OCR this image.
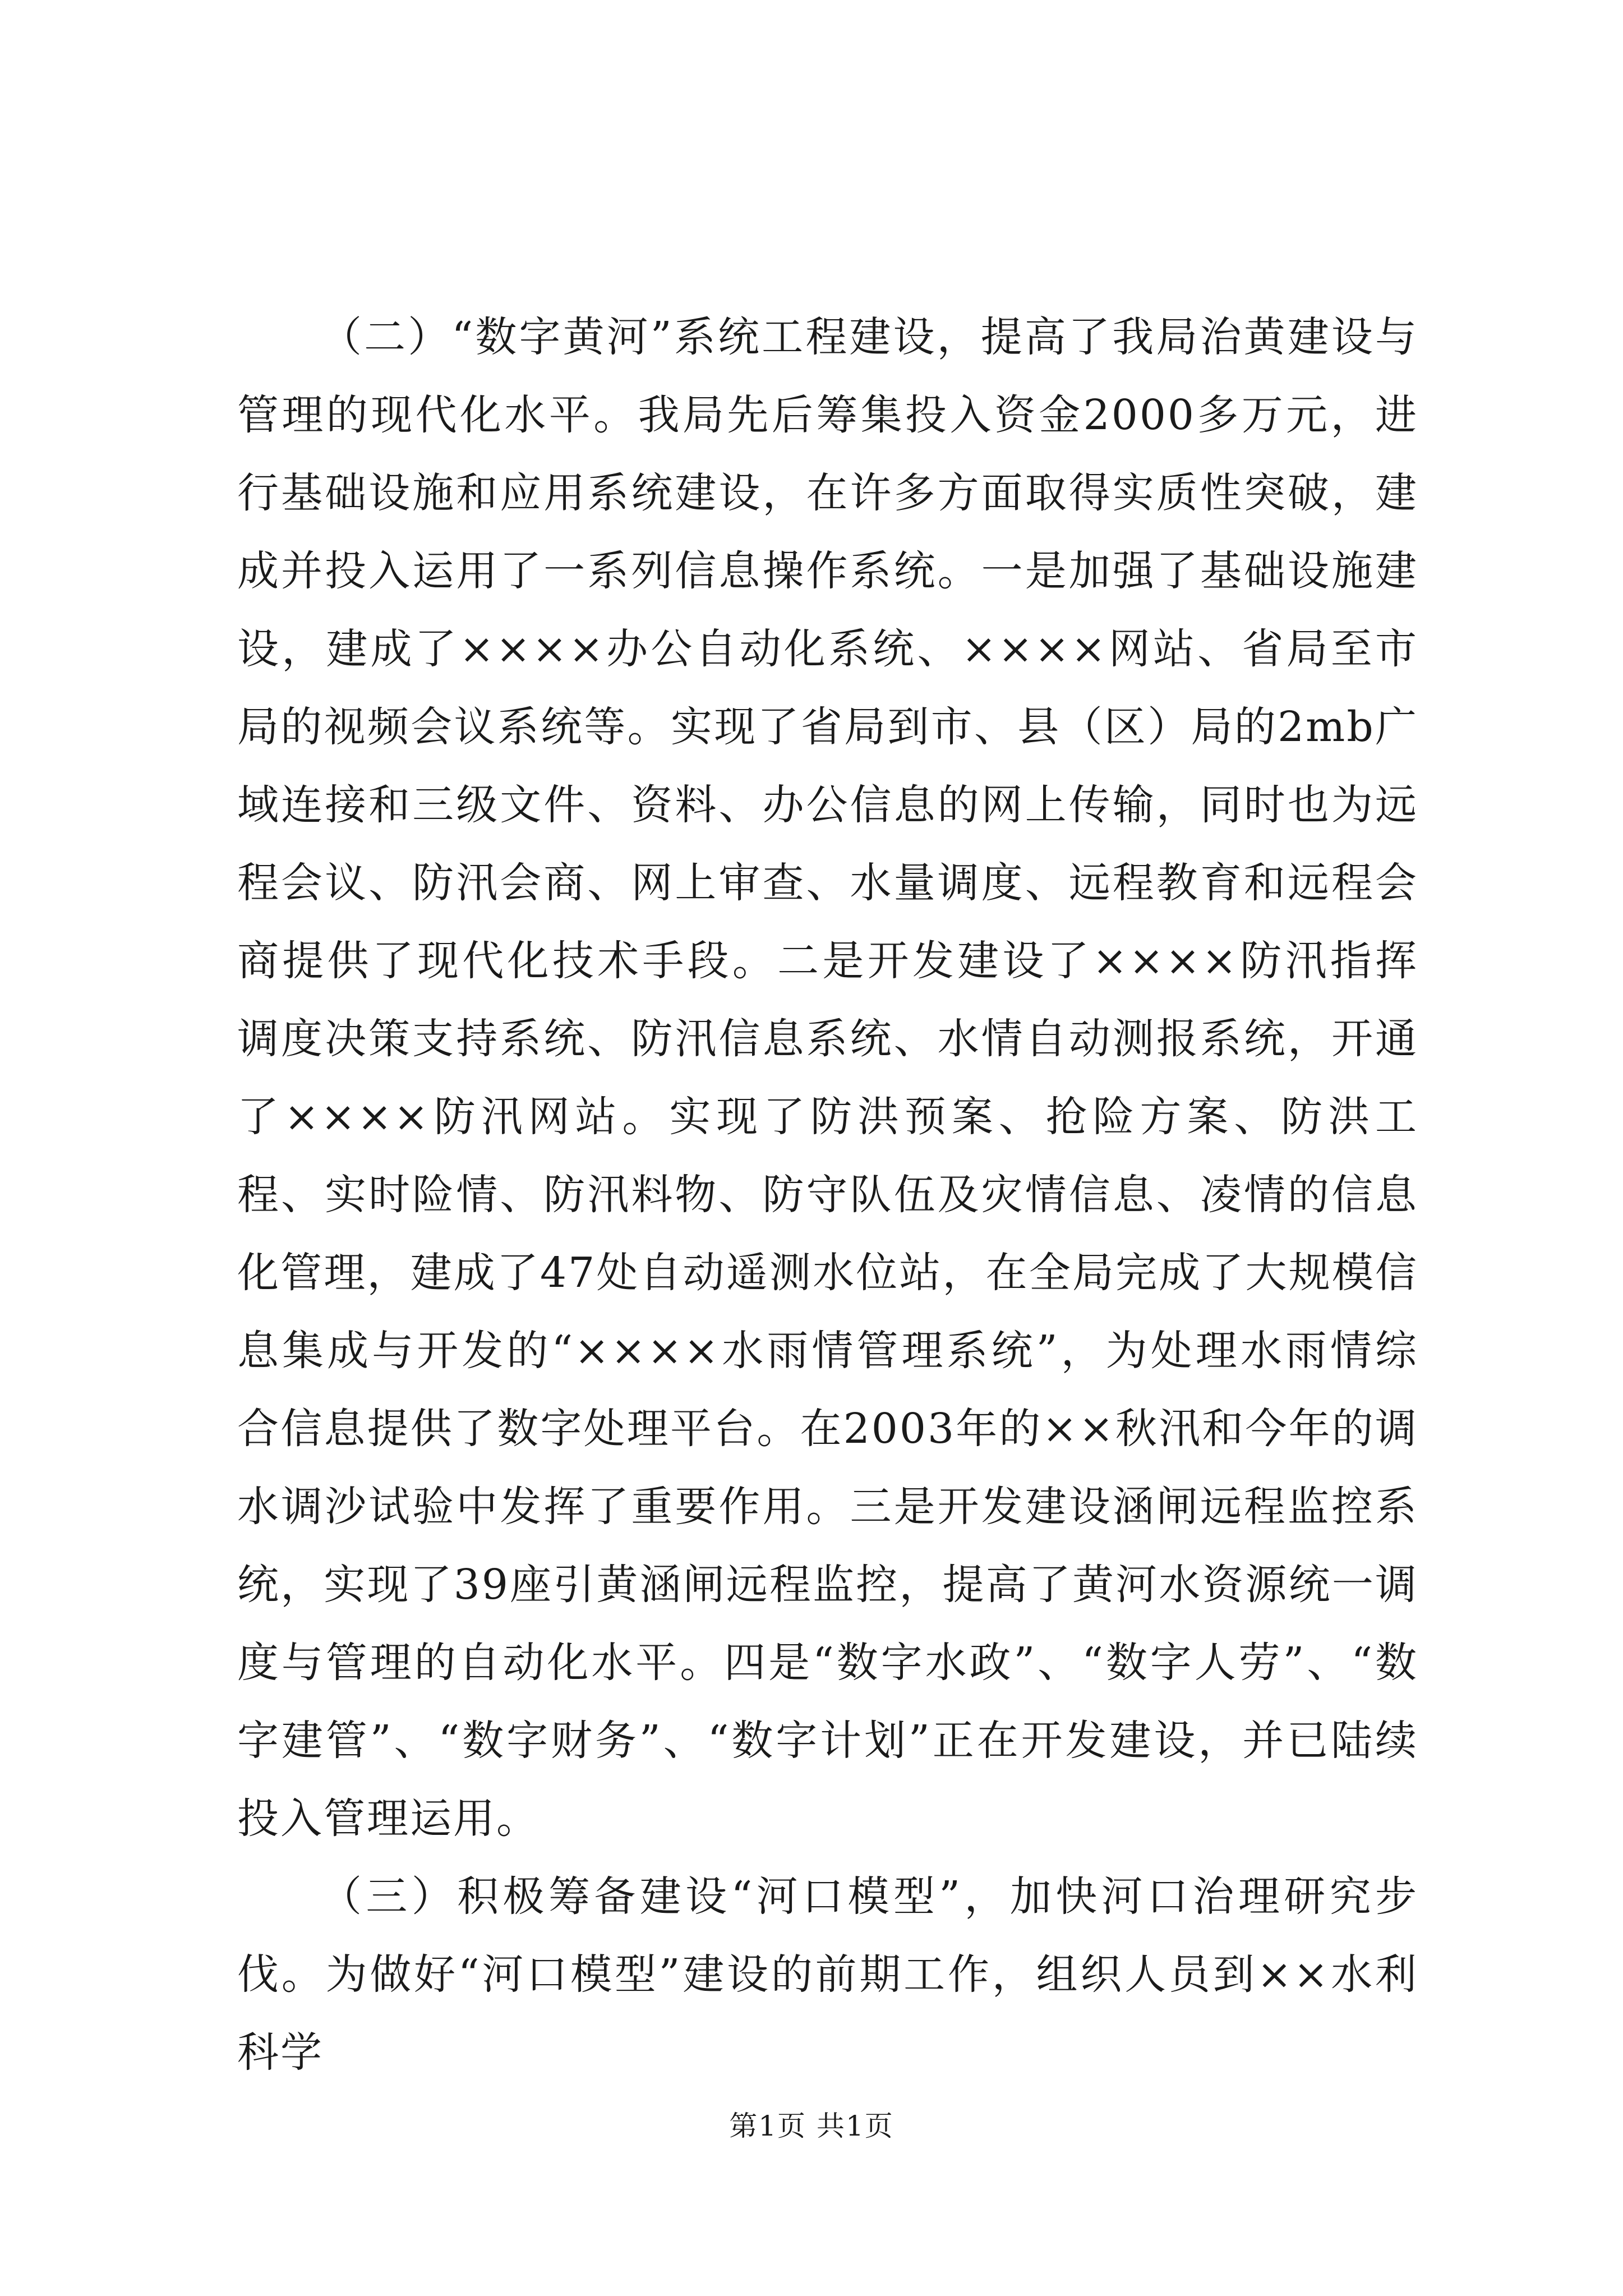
（二）“数字黄河”系统工程建设，提高了我局治黄建设与管理的现代化水平。我局先后筹集投入资金2000多万元，进行基础设施和应用系统建设，在许多方面取得实质性突破，建成并投入运用了一系列信息操作系统。一是加强了基础设施建设，建成了××××办公自动化系统、××××网站、省局至市局的视频会议系统等。实现了省局到市、县（区）局的2mb广域连接和三级文件、资料、办公信息的网上传输，同时也为远程会议、防汛会商、网上审查、水量调度、远程教育和远程会商提供了现代化技术手段。二是开发建设了××××防汛指挥调度决策支持系统、防汛信息系统、水情自动测报系统，开通了××××防汛网站。实现了防洪预案、抢险方案、防洪工程、实时险情、防汛料物、防守队伍及灾情信息、凌情的信息化管理，建成了47处自动遥测水位站，在全局完成了大规模信息集成与开发的“××××水雨情管理系统”，为处理水雨情综合信息提供了数字处理平台。在2003年的××秋汛和今年的调水调沙试验中发挥了重要作用。三是开发建设涵闸远程监控系统，实现了39座引黄涵闸远程监控，提高了黄河水资源统一调度与管理的自动化水平。四是“数字水政”、“数字人劳”、“数字建管”、“数字财务”、“数字计划”正在开发建设，并已陆续投入管理运用。

（三）积极筹备建设“河口模型”，加快河口治理研究步伐。为做好“河口模型”建设的前期工作，组织人员到××水利科学

第1页 共1页
